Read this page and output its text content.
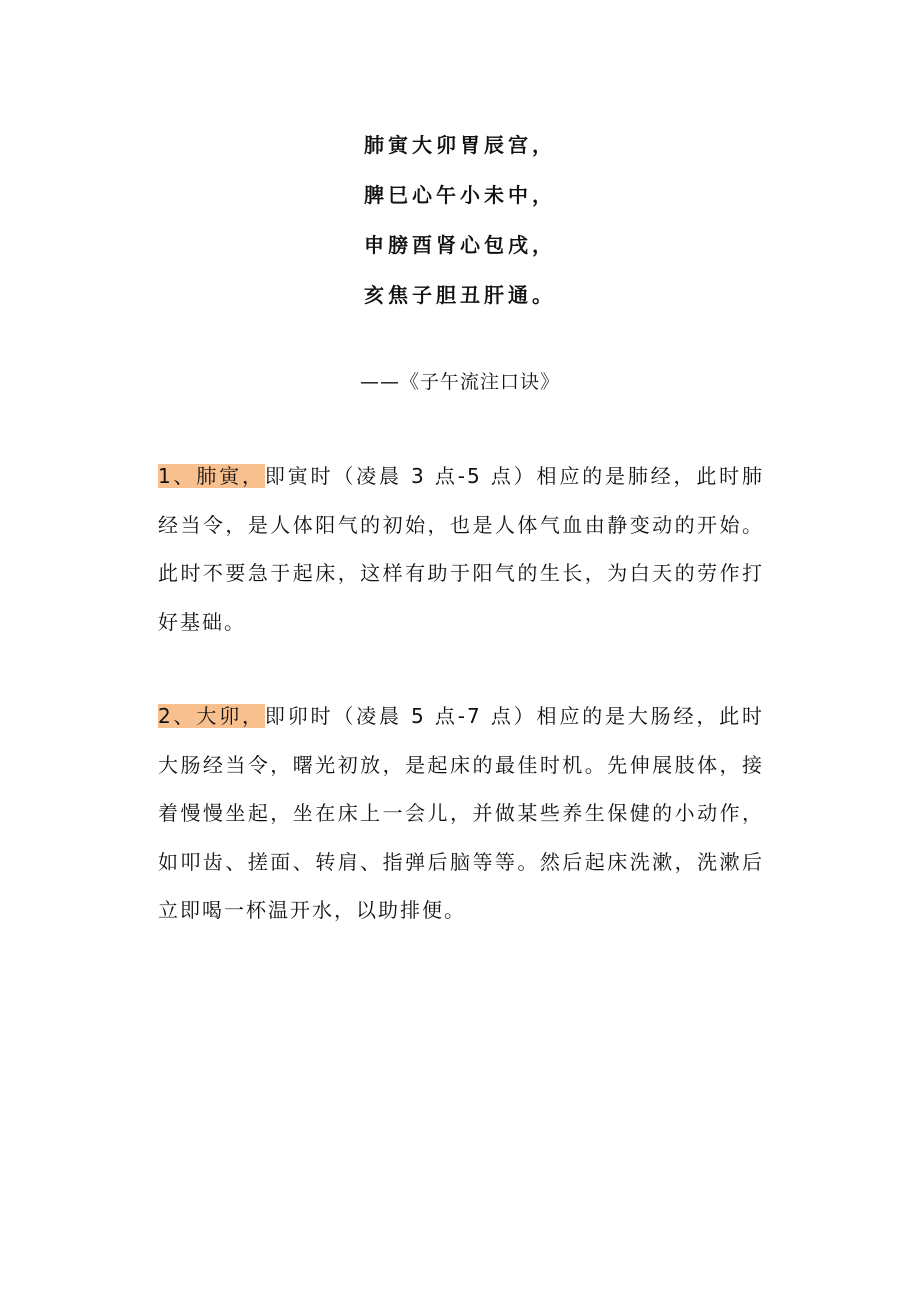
肺寅大卯胃辰宫，
脾巳心午小未中，
申膀酉肾心包戌，
亥焦子胆丑肝通。
——《子午流注口诀》

1、肺寅，即寅时（凌晨 3 点-5 点）相应的是肺经，此时肺经当令，是人体阳气的初始，也是人体气血由静变动的开始。此时不要急于起床，这样有助于阳气的生长，为白天的劳作打好基础。

2、大卯，即卯时（凌晨 5 点-7 点）相应的是大肠经，此时大肠经当令，曙光初放，是起床的最佳时机。先伸展肢体，接着慢慢坐起，坐在床上一会儿，并做某些养生保健的小动作，如叩齿、搓面、转肩、指弹后脑等等。然后起床洗漱，洗漱后立即喝一杯温开水，以助排便。
